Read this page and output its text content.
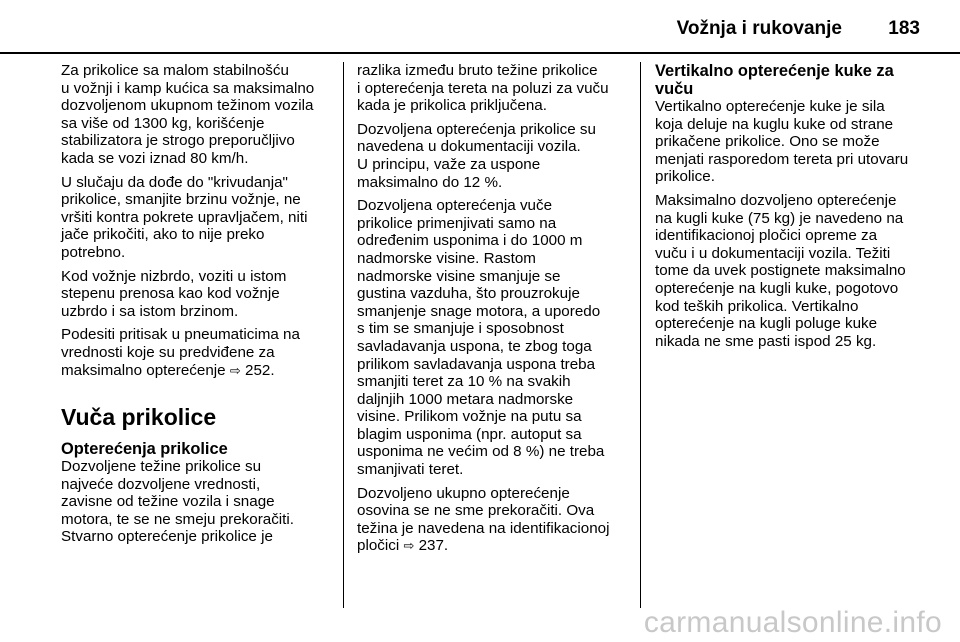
Vožnja i rukovanje 183

Za prikolice sa malom stabilnošću
u vožnji i kamp kućica sa maksimalno
dozvoljenom ukupnom težinom vozila
sa više od 1300 kg, korišćenje
stabilizatora je strogo preporučljivo
kada se vozi iznad 80 km/h.

U slučaju da dođe do "krivudanja"
prikolice, smanjite brzinu vožnje, ne
vršiti kontra pokrete upravljačem, niti
jače prikočiti, ako to nije preko
potrebno.

Kod vožnje nizbrdo, voziti u istom
stepenu prenosa kao kod vožnje
uzbrdo i sa istom brzinom.

Podesiti pritisak u pneumaticima na
vrednosti koje su predviđene za
maksimalno opterećenje ⇨ 252.

Vuča prikolice
Opterećenja prikolice

Dozvoljene težine prikolice su
najveće dozvoljene vrednosti,
zavisne od težine vozila i snage
motora, te se ne smeju prekoračiti.
Stvarno opterećenje prikolice je

razlika između bruto težine prikolice
i opterećenja tereta na poluzi za vuču
kada je prikolica priključena.

Dozvoljena opterećenja prikolice su
navedena u dokumentaciji vozila.
U principu, važe za uspone
maksimalno do 12 %.

Dozvoljena opterećenja vuče
prikolice primenjivati samo na
određenim usponima i do 1000 m
nadmorske visine. Rastom
nadmorske visine smanjuje se
gustina vazduha, što prouzrokuje
smanjenje snage motora, a uporedo
s tim se smanjuje i sposobnost
savladavanja uspona, te zbog toga
prilikom savladavanja uspona treba
smanjiti teret za 10 % na svakih
daljnjih 1000 metara nadmorske
visine. Prilikom vožnje na putu sa
blagim usponima (npr. autoput sa
usponima ne većim od 8 %) ne treba
smanjivati teret.

Dozvoljeno ukupno opterećenje
osovina se ne sme prekoračiti. Ova
težina je navedena na identifikacionoj
pločici ⇨ 237.

Vertikalno opterećenje kuke za
vuču

Vertikalno opterećenje kuke je sila
koja deluje na kuglu kuke od strane
prikačene prikolice. Ono se može
menjati rasporedom tereta pri utovaru
prikolice.

Maksimalno dozvoljeno opterećenje
na kugli kuke (75 kg) je navedeno na
identifikacionoj pločici opreme za
vuču i u dokumentaciji vozila. Težiti
tome da uvek postignete maksimalno
opterećenje na kugli kuke, pogotovo
kod teških prikolica. Vertikalno
opterećenje na kugli poluge kuke
nikada ne sme pasti ispod 25 kg.

carmanualsonline.info
